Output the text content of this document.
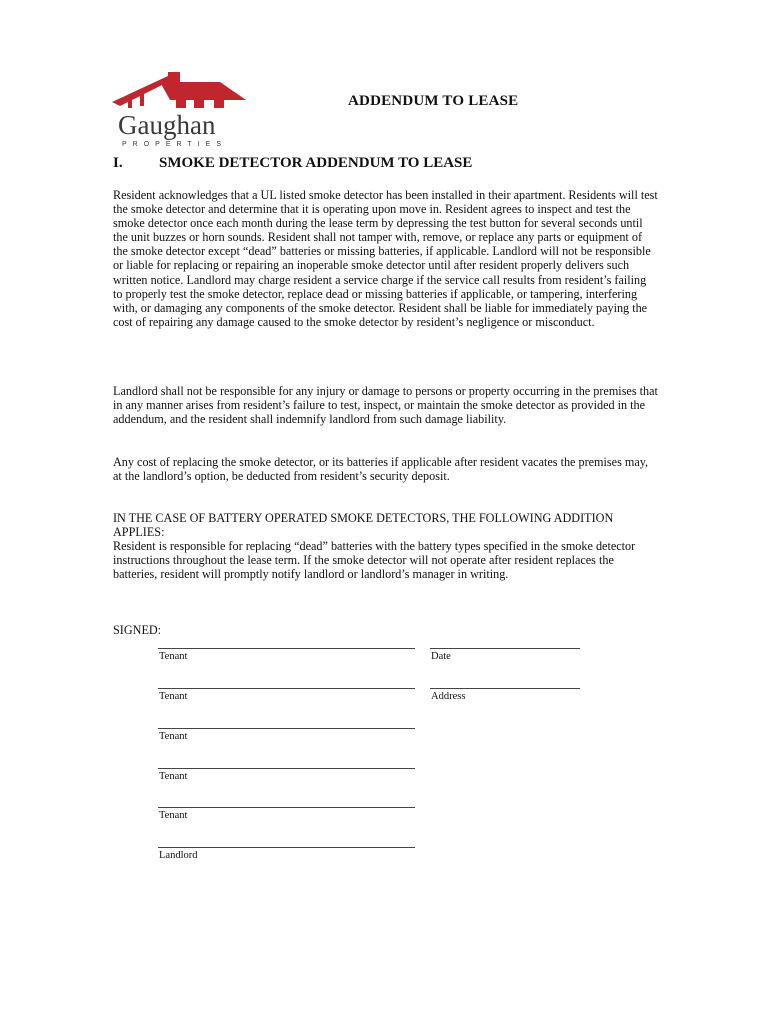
Gaughan
PROPERTIES
ADDENDUM TO LEASE
I. SMOKE DETECTOR ADDENDUM TO LEASE

Resident acknowledges that a UL listed smoke detector has been installed in their apartment. Residents will test the smoke detector and determine that it is operating upon move in. Resident agrees to inspect and test the smoke detector once each month during the lease term by depressing the test button for several seconds until the unit buzzes or horn sounds. Resident shall not tamper with, remove, or replace any parts or equipment of the smoke detector except “dead” batteries or missing batteries, if applicable. Landlord will not be responsible or liable for replacing or repairing an inoperable smoke detector until after resident properly delivers such written notice. Landlord may charge resident a service charge if the service call results from resident’s failing to properly test the smoke detector, replace dead or missing batteries if applicable, or tampering, interfering with, or damaging any components of the smoke detector. Resident shall be liable for immediately paying the cost of repairing any damage caused to the smoke detector by resident’s negligence or misconduct.

Landlord shall not be responsible for any injury or damage to persons or property occurring in the premises that in any manner arises from resident’s failure to test, inspect, or maintain the smoke detector as provided in the addendum, and the resident shall indemnify landlord from such damage liability.

Any cost of replacing the smoke detector, or its batteries if applicable after resident vacates the premises may, at the landlord’s option, be deducted from resident’s security deposit.

IN THE CASE OF BATTERY OPERATED SMOKE DETECTORS, THE FOLLOWING ADDITION APPLIES:
Resident is responsible for replacing “dead” batteries with the battery types specified in the smoke detector instructions throughout the lease term. If the smoke detector will not operate after resident replaces the batteries, resident will promptly notify landlord or landlord’s manager in writing.
SIGNED:
Tenant	Date
Tenant	Address
Tenant
Tenant
Tenant
Landlord
